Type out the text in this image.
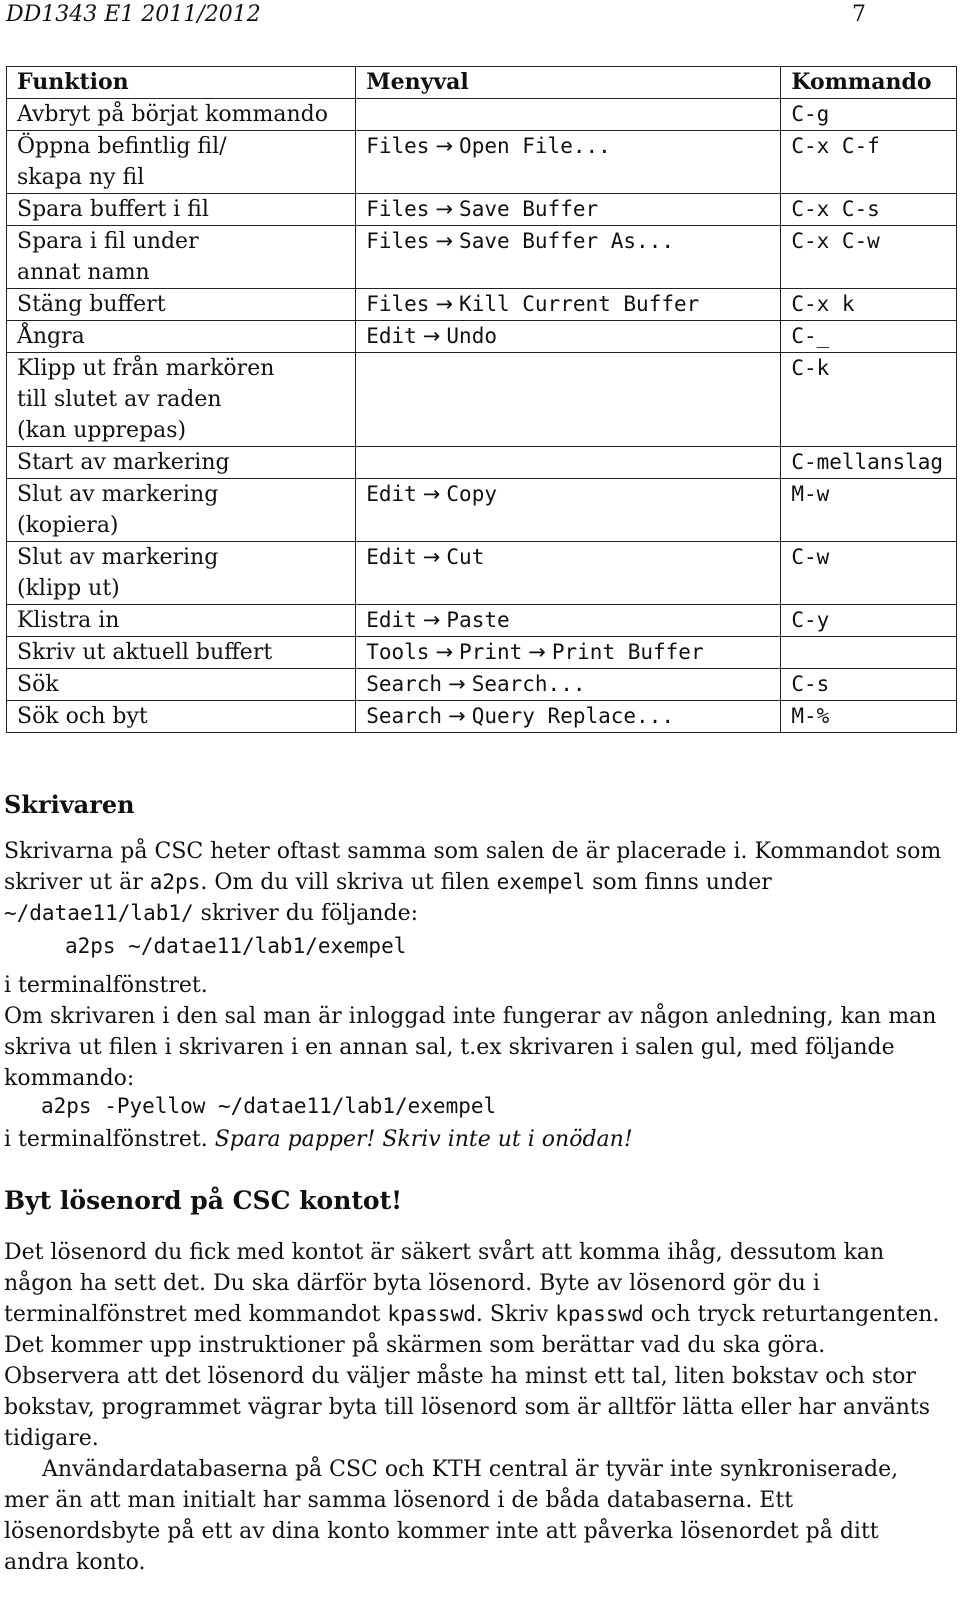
DD1343 E1 2011/2012	7
Funktion	Menyval	Kommando

Avbryt på börjat kommando		C-g

Öppna befintlig fil/
skapa ny fil	Files → Open File...	C-x C-f

Spara buffert i fil	Files → Save Buffer	C-x C-s

Spara i fil under
annat namn	Files → Save Buffer As...	C-x C-w

Stäng buffert	Files → Kill Current Buffer	C-x k

Ångra	Edit → Undo	C-_

Klipp ut från markören
till slutet av raden
(kan upprepas)		C-k

Start av markering		C-mellanslag

Slut av markering
(kopiera)	Edit → Copy	M-w

Slut av markering
(klipp ut)	Edit → Cut	C-w

Klistra in	Edit → Paste	C-y

Skriv ut aktuell buffert	Tools → Print → Print Buffer	

Sök	Search → Search...	C-s

Sök och byt	Search → Query Replace...	M-%
Skrivaren

Skrivarna på CSC heter oftast samma som salen de är placerade i. Kommandot som skriver ut är a2ps. Om du vill skriva ut filen exempel som finns under ~/datae11/lab1/ skriver du följande:

a2ps ~/datae11/lab1/exempel

i terminalfönstret.

Om skrivaren i den sal man är inloggad inte fungerar av någon anledning, kan man skriva ut filen i skrivaren i en annan sal, t.ex skrivaren i salen gul, med följande kommando:

a2ps -Pyellow ~/datae11/lab1/exempel

i terminalfönstret. Spara papper! Skriv inte ut i onödan!

Byt lösenord på CSC kontot!

Det lösenord du fick med kontot är säkert svårt att komma ihåg, dessutom kan någon ha sett det. Du ska därför byta lösenord. Byte av lösenord gör du i terminalfönstret med kommandot kpasswd. Skriv kpasswd och tryck returtangenten. Det kommer upp instruktioner på skärmen som berättar vad du ska göra. Observera att det lösenord du väljer måste ha minst ett tal, liten bokstav och stor bokstav, programmet vägrar byta till lösenord som är alltför lätta eller har använts tidigare.

Användardatabaserna på CSC och KTH central är tyvär inte synkroniserade, mer än att man initialt har samma lösenord i de båda databaserna. Ett lösenordsbyte på ett av dina konto kommer inte att påverka lösenordet på ditt andra konto.
